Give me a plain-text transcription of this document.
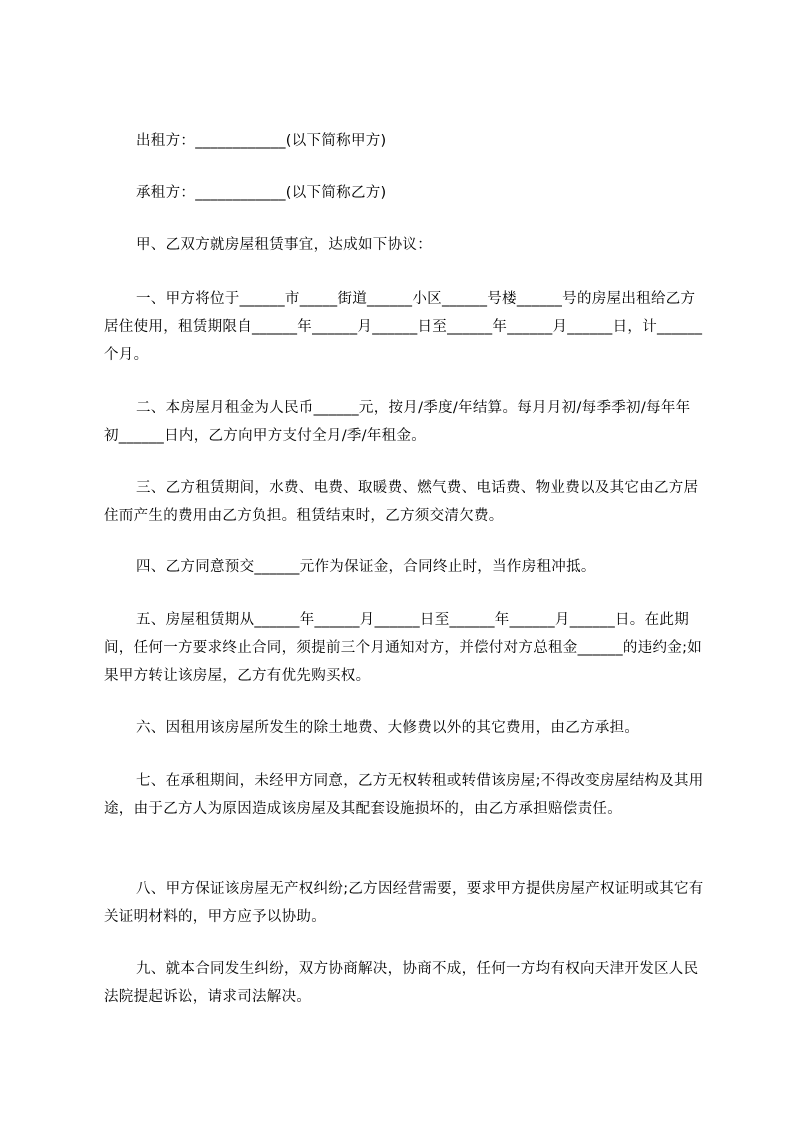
出租方：____________(以下简称甲方)

承租方：____________(以下简称乙方)

甲、乙双方就房屋租赁事宜，达成如下协议：

一、甲方将位于______市_____街道______小区______号楼______号的房屋出租给乙方居住使用，租赁期限自______年______月______日至______年______月______日，计______个月。

二、本房屋月租金为人民币______元，按月/季度/年结算。每月月初/每季季初/每年年初______日内，乙方向甲方支付全月/季/年租金。

三、乙方租赁期间，水费、电费、取暖费、燃气费、电话费、物业费以及其它由乙方居住而产生的费用由乙方负担。租赁结束时，乙方须交清欠费。

四、乙方同意预交______元作为保证金，合同终止时，当作房租冲抵。

五、房屋租赁期从______年______月______日至______年______月______日。在此期间，任何一方要求终止合同，须提前三个月通知对方，并偿付对方总租金______的违约金;如果甲方转让该房屋，乙方有优先购买权。

六、因租用该房屋所发生的除土地费、大修费以外的其它费用，由乙方承担。

七、在承租期间，未经甲方同意，乙方无权转租或转借该房屋;不得改变房屋结构及其用途，由于乙方人为原因造成该房屋及其配套设施损坏的，由乙方承担赔偿责任。

八、甲方保证该房屋无产权纠纷;乙方因经营需要，要求甲方提供房屋产权证明或其它有关证明材料的，甲方应予以协助。

九、就本合同发生纠纷，双方协商解决，协商不成，任何一方均有权向天津开发区人民法院提起诉讼，请求司法解决。
